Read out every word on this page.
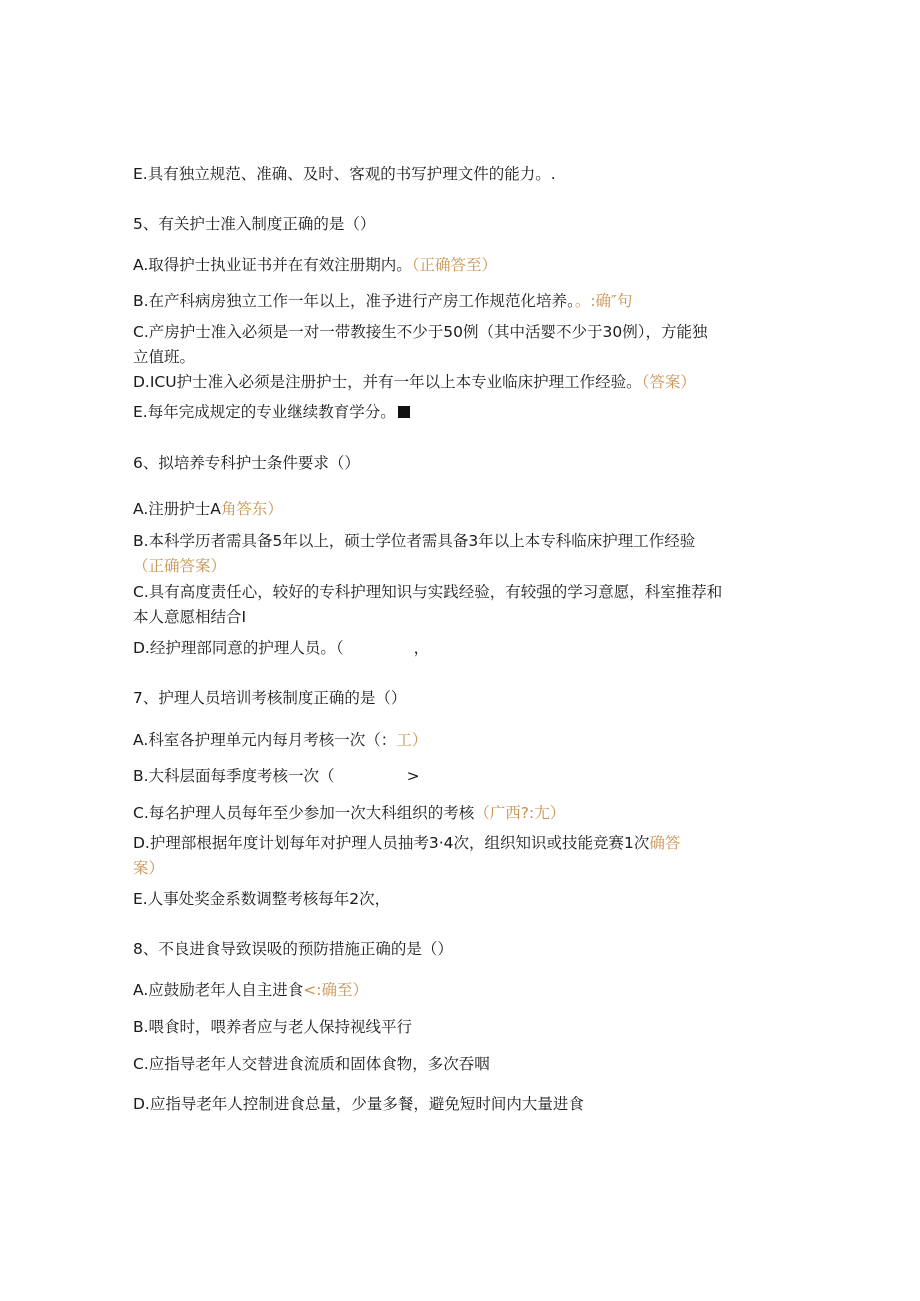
E.具有独立规范、准确、及时、客观的书写护理文件的能力。.
5、有关护士准入制度正确的是（）
A.取得护士执业证书并在有效注册期内。（正确答至）
B.在产科病房独立工作一年以上，准予进行产房工作规范化培养。。:确″句
C.产房护士准入必须是一对一带教接生不少于50例（其中活婴不少于30例），方能独
立值班。
D.ICU护士准入必须是注册护士，并有一年以上本专业临床护理工作经验。（答案）
E.每年完成规定的专业继续教育学分。
6、拟培养专科护士条件要求（）
A.注册护士A角答东）
B.本科学历者需具备5年以上，硕士学位者需具备3年以上本专科临床护理工作经验
（正确答案）
C.具有高度责任心，较好的专科护理知识与实践经验，有较强的学习意愿，科室推荐和
本人意愿相结合I
D.经护理部同意的护理人员。（	，
7、护理人员培训考核制度正确的是（）
A.科室各护理单元内每月考核一次（：工）
B.大科层面每季度考核一次（	>
C.每名护理人员每年至少参加一次大科组织的考核（广西?:尢）
D.护理部根据年度计划每年对护理人员抽考3·4次，组织知识或技能竞赛1次确答
案）
E.人事处奖金系数调整考核每年2次，
8、不良进食导致误吸的预防措施正确的是（）
A.应鼓励老年人自主进食<:确至）
B.喂食时，喂养者应与老人保持视线平行
C.应指导老年人交替进食流质和固体食物，多次吞咽
D.应指导老年人控制进食总量，少量多餐，避免短时间内大量进食
